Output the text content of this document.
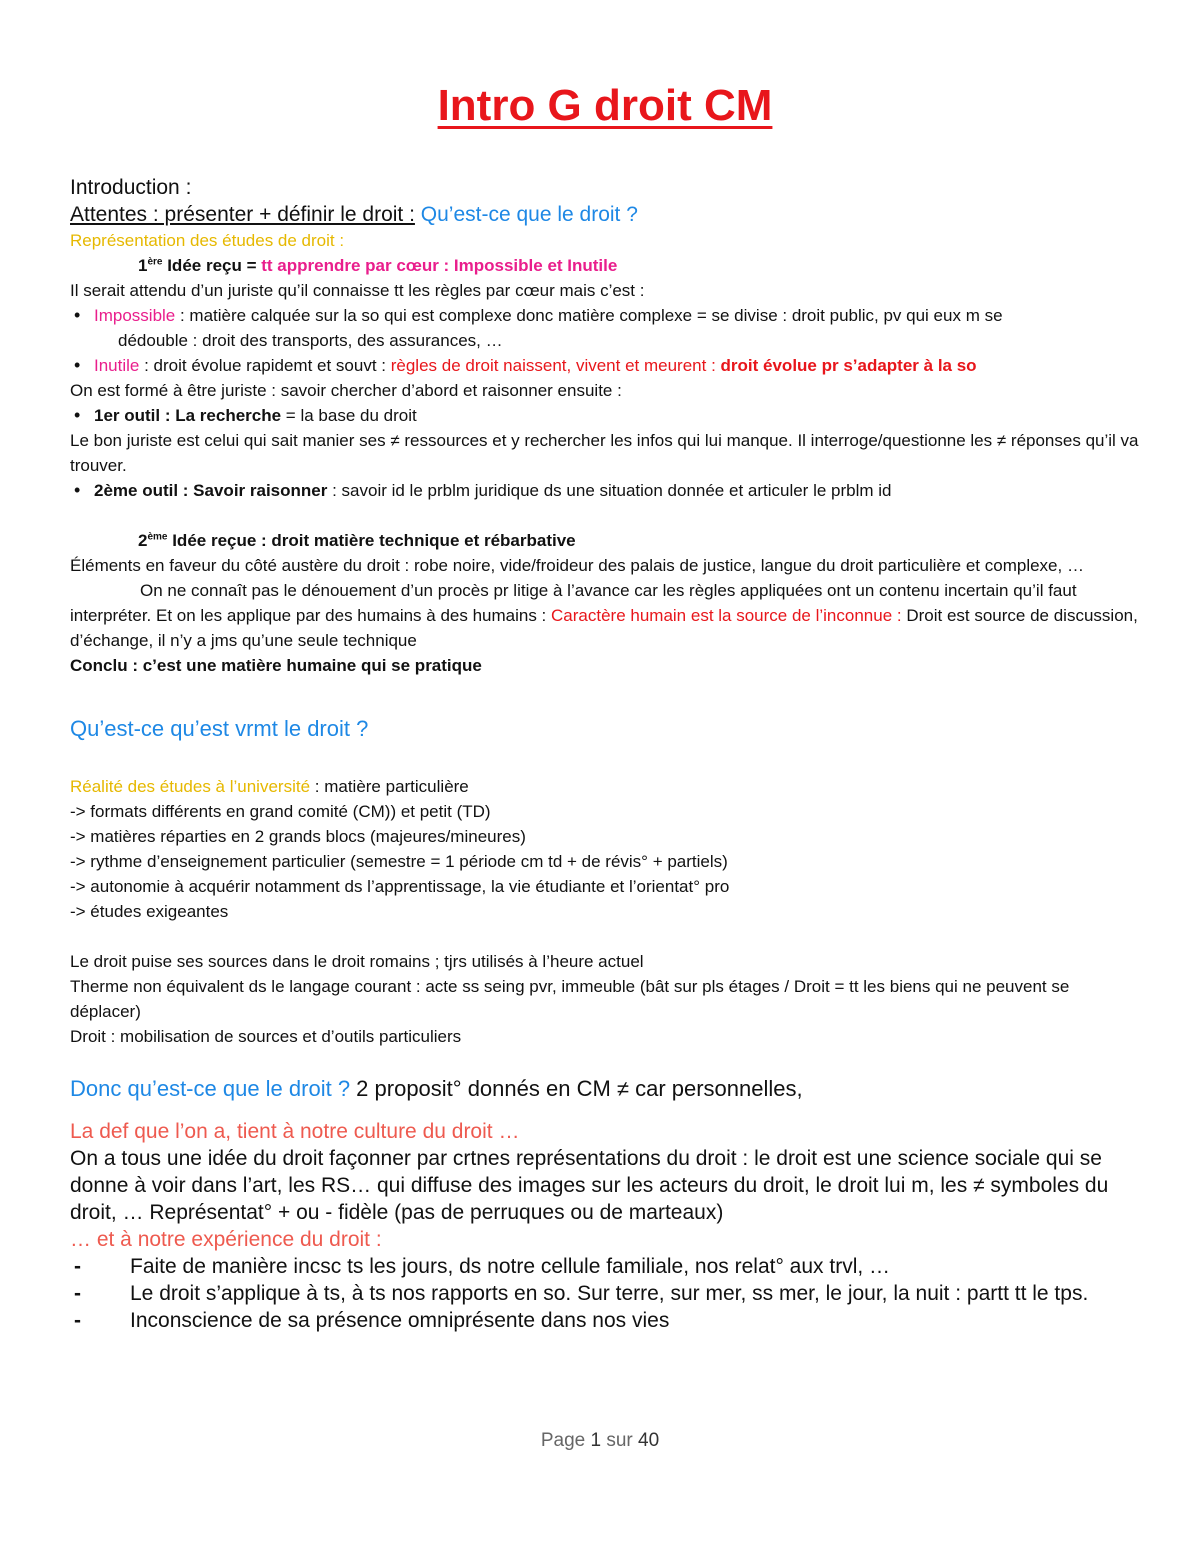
Intro G droit CM

Introduction :

Attentes : présenter + définir le droit : Qu’est-ce que le droit ?

Représentation des études de droit :

1ère Idée reçu = tt apprendre par cœur : Impossible et Inutile

Il serait attendu d’un juriste qu’il connaisse tt les règles par cœur mais c’est :

• Impossible : matière calquée sur la so qui est complexe donc matière complexe = se divise : droit public, pv qui eux m se

dédouble : droit des transports, des assurances, …

• Inutile : droit évolue rapidemt et souvt : règles de droit naissent, vivent et meurent : droit évolue pr s’adapter à la so

On est formé à être juriste : savoir chercher d’abord et raisonner ensuite :

• 1er outil : La recherche = la base du droit

Le bon juriste est celui qui sait manier ses ≠ ressources et y rechercher les infos qui lui manque. Il interroge/questionne les ≠ réponses qu’il va trouver.

• 2ème outil : Savoir raisonner : savoir id le prblm juridique ds une situation donnée et articuler le prblm id

2ème Idée reçue : droit matière technique et rébarbative

Éléments en faveur du côté austère du droit : robe noire, vide/froideur des palais de justice, langue du droit particulière et complexe, …

On ne connaît pas le dénouement d’un procès pr litige à l’avance car les règles appliquées ont un contenu incertain qu’il faut interpréter. Et on les applique par des humains à des humains : Caractère humain est la source de l’inconnue : Droit est source de discussion, d’échange, il n’y a jms qu’une seule technique

Conclu : c’est une matière humaine qui se pratique

Qu’est-ce qu’est vrmt le droit ?

Réalité des études à l’université : matière particulière

-> formats différents en grand comité (CM)) et petit (TD)

-> matières réparties en 2 grands blocs (majeures/mineures)

-> rythme d’enseignement particulier (semestre = 1 période cm td + de révis° + partiels)

-> autonomie à acquérir notamment ds l’apprentissage, la vie étudiante et l’orientat° pro

-> études exigeantes

Le droit puise ses sources dans le droit romains ; tjrs utilisés à l’heure actuel

Therme non équivalent ds le langage courant : acte ss seing pvr, immeuble (bât sur pls étages / Droit = tt les biens qui ne peuvent se déplacer)

Droit : mobilisation de sources et d’outils particuliers

Donc qu’est-ce que le droit ? 2 proposit° donnés en CM ≠ car personnelles,

La def que l’on a, tient à notre culture du droit …

On a tous une idée du droit façonner par crtnes représentations du droit : le droit est une science sociale qui se donne à voir dans l’art, les RS… qui diffuse des images sur les acteurs du droit, le droit lui m, les ≠ symboles du droit, … Représentat° + ou - fidèle (pas de perruques ou de marteaux)

… et à notre expérience du droit :

- Faite de manière incsc ts les jours, ds notre cellule familiale, nos relat° aux trvl, …

- Le droit s’applique à ts, à ts nos rapports en so. Sur terre, sur mer, ss mer, le jour, la nuit : partt tt le tps.

- Inconscience de sa présence omniprésente dans nos vies

Page 1 sur 40
